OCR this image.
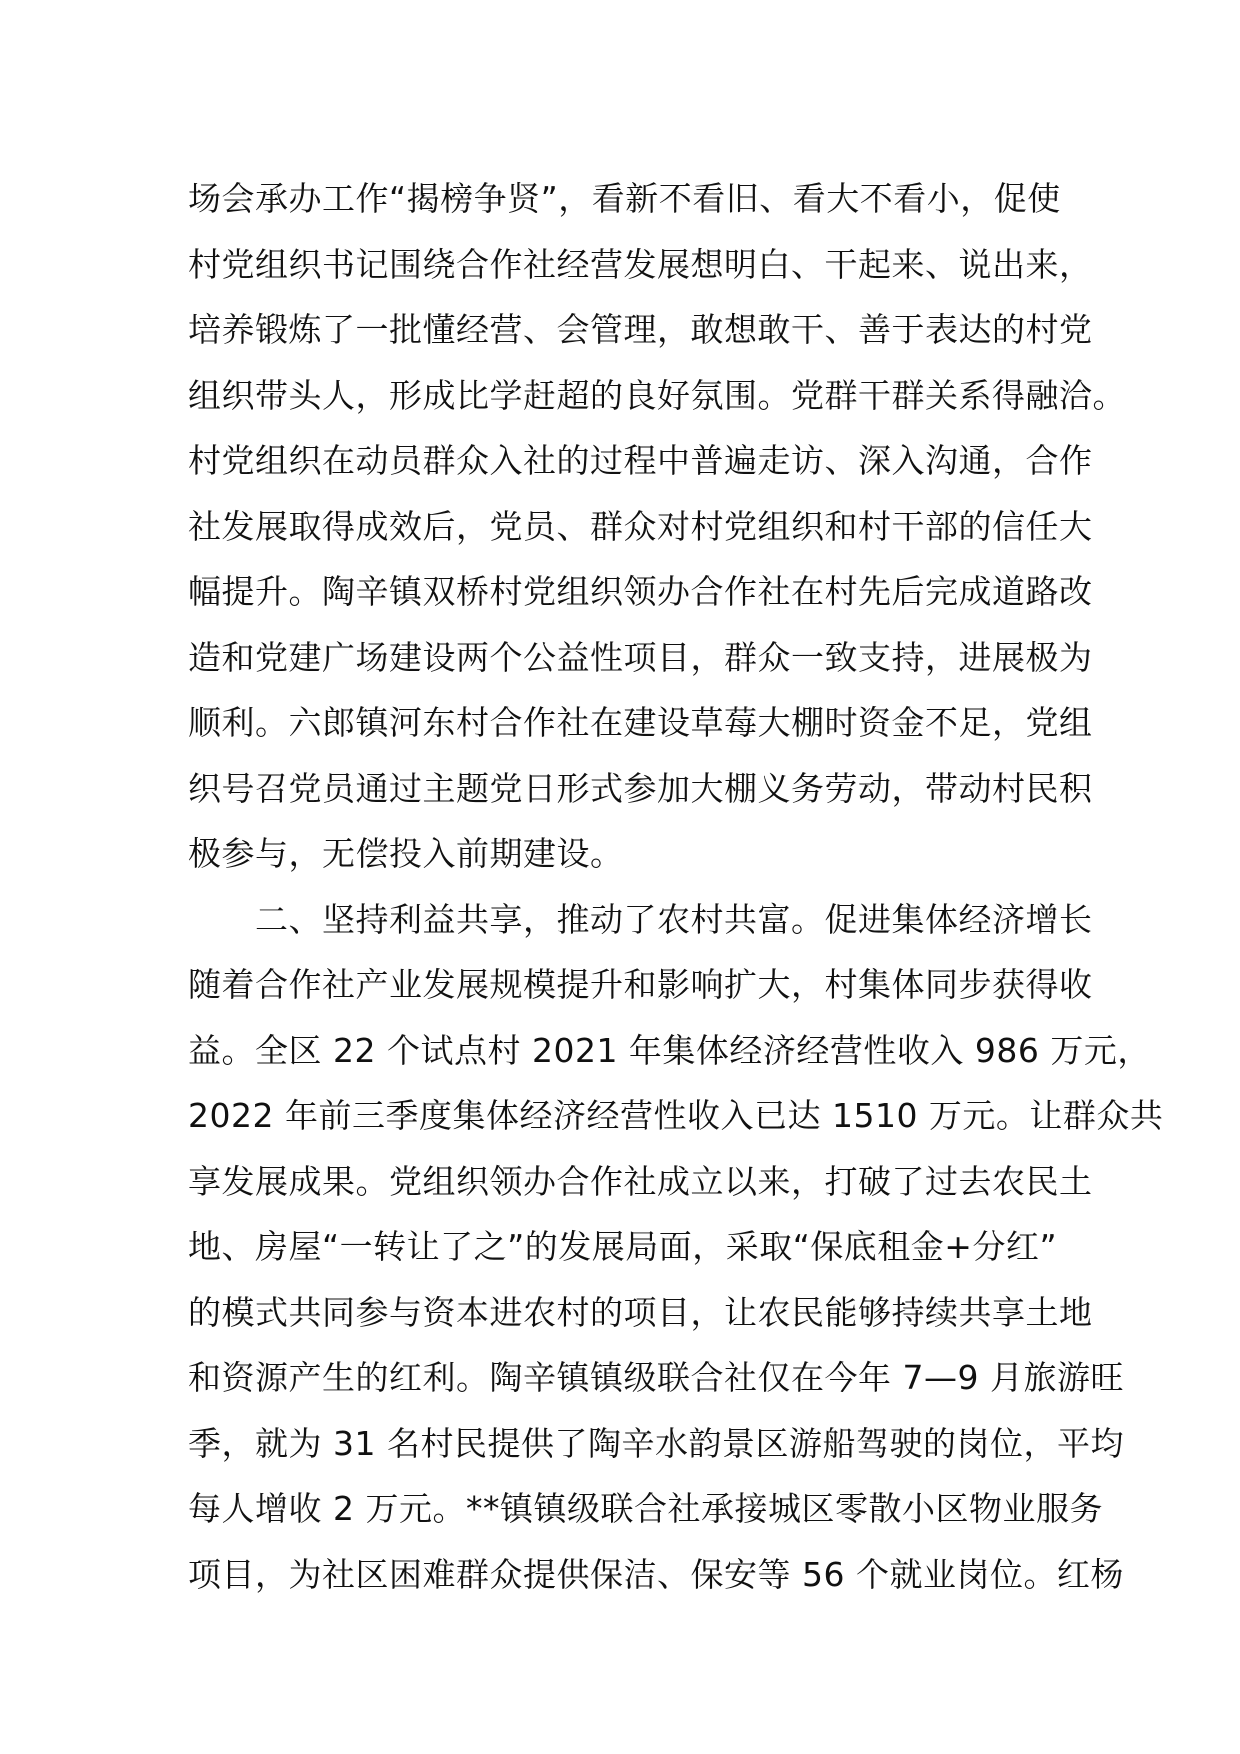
场会承办工作“揭榜争贤”，看新不看旧、看大不看小，促使
村党组织书记围绕合作社经营发展想明白、干起来、说出来，
培养锻炼了一批懂经营、会管理，敢想敢干、善于表达的村党
组织带头人，形成比学赶超的良好氛围。党群干群关系得融洽。
村党组织在动员群众入社的过程中普遍走访、深入沟通，合作
社发展取得成效后，党员、群众对村党组织和村干部的信任大
幅提升。陶辛镇双桥村党组织领办合作社在村先后完成道路改
造和党建广场建设两个公益性项目，群众一致支持，进展极为
顺利。六郎镇河东村合作社在建设草莓大棚时资金不足，党组
织号召党员通过主题党日形式参加大棚义务劳动，带动村民积
极参与，无偿投入前期建设。
　　二、坚持利益共享，推动了农村共富。促进集体经济增长
随着合作社产业发展规模提升和影响扩大，村集体同步获得收
益。全区 22 个试点村 2021 年集体经济经营性收入 986 万元，
2022 年前三季度集体经济经营性收入已达 1510 万元。让群众共
享发展成果。党组织领办合作社成立以来，打破了过去农民土
地、房屋“一转让了之”的发展局面，采取“保底租金+分红”
的模式共同参与资本进农村的项目，让农民能够持续共享土地
和资源产生的红利。陶辛镇镇级联合社仅在今年 7—9 月旅游旺
季，就为 31 名村民提供了陶辛水韵景区游船驾驶的岗位，平均
每人增收 2 万元。**镇镇级联合社承接城区零散小区物业服务
项目，为社区困难群众提供保洁、保安等 56 个就业岗位。红杨
